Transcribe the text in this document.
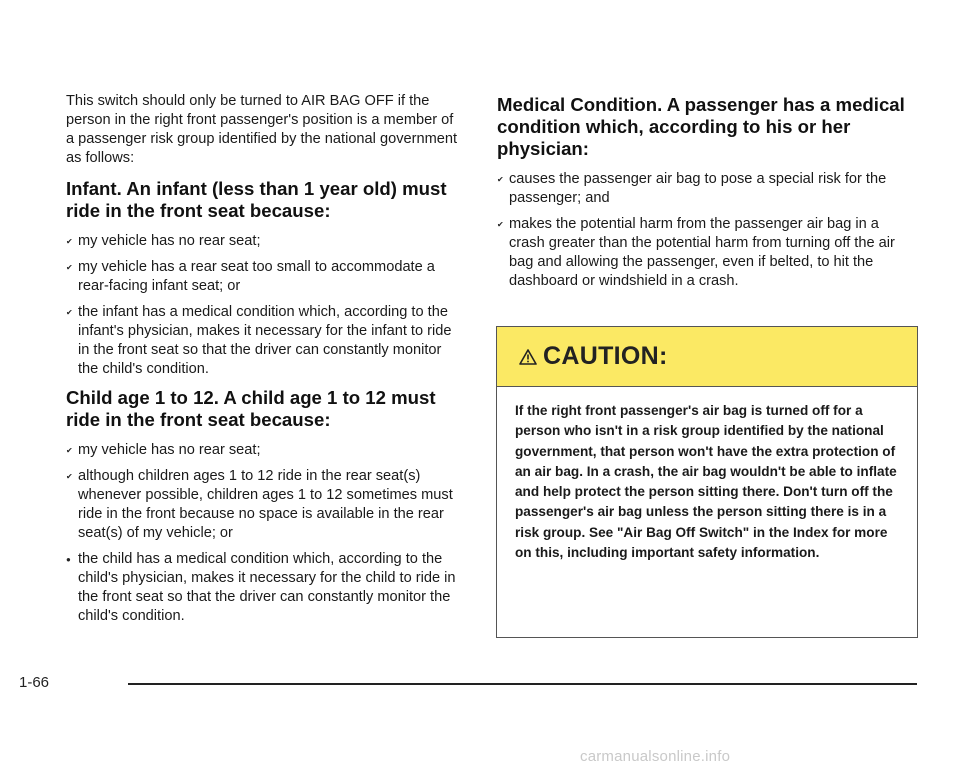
This switch should only be turned to AIR BAG OFF if the person in the right front passenger's position is a member of a passenger risk group identified by the national government as follows:

Infant. An infant (less than 1 year old) must ride in the front seat because:
✔ my vehicle has no rear seat;
✔ my vehicle has a rear seat too small to accommodate a rear-facing infant seat; or
✔ the infant has a medical condition which, according to the infant's physician, makes it necessary for the infant to ride in the front seat so that the driver can constantly monitor the child's condition.
Child age 1 to 12. A child age 1 to 12 must ride in the front seat because:
✔ my vehicle has no rear seat;
✔ although children ages 1 to 12 ride in the rear seat(s) whenever possible, children ages 1 to 12 sometimes must ride in the front because no space is available in the rear seat(s) of my vehicle; or
● the child has a medical condition which, according to the child's physician, makes it necessary for the child to ride in the front seat so that the driver can constantly monitor the child's condition.
Medical Condition. A passenger has a medical condition which, according to his or her physician:
✔ causes the passenger air bag to pose a special risk for the passenger; and
✔ makes the potential harm from the passenger air bag in a crash greater than the potential harm from turning off the air bag and allowing the passenger, even if belted, to hit the dashboard or windshield in a crash.
CAUTION:
If the right front passenger's air bag is turned off for a person who isn't in a risk group identified by the national government, that person won't have the extra protection of an air bag. In a crash, the air bag wouldn't be able to inflate and help protect the person sitting there. Don't turn off the passenger's air bag unless the person sitting there is in a risk group. See "Air Bag Off Switch" in the Index for more on this, including important safety information.
1-66
carmanualsonline.info
